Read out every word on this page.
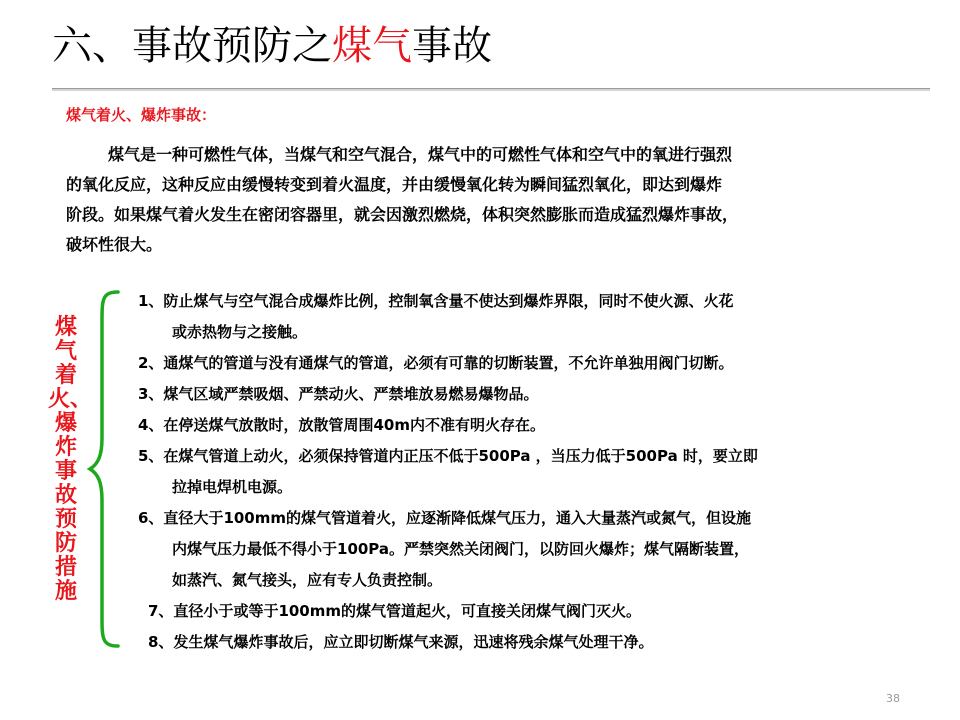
六、事故预防之煤气事故
煤气着火、爆炸事故：
煤气是一种可燃性气体，当煤气和空气混合，煤气中的可燃性气体和空气中的氧进行强烈
的氧化反应，这种反应由缓慢转变到着火温度，并由缓慢氧化转为瞬间猛烈氧化，即达到爆炸
阶段。如果煤气着火发生在密闭容器里，就会因激烈燃烧，体积突然膨胀而造成猛烈爆炸事故，
破坏性很大。
煤气着火、爆炸事故预防措施
1、防止煤气与空气混合成爆炸比例，控制氧含量不使达到爆炸界限，同时不使火源、火花
或赤热物与之接触。
2、通煤气的管道与没有通煤气的管道，必须有可靠的切断装置，不允许单独用阀门切断。
3、煤气区域严禁吸烟、严禁动火、严禁堆放易燃易爆物品。
4、在停送煤气放散时，放散管周围40m内不准有明火存在。
5、在煤气管道上动火，必须保持管道内正压不低于500Pa ，当压力低于500Pa 时，要立即
拉掉电焊机电源。
6、直径大于100mm的煤气管道着火，应逐渐降低煤气压力，通入大量蒸汽或氮气，但设施
内煤气压力最低不得小于100Pa。严禁突然关闭阀门，以防回火爆炸；煤气隔断装置，
如蒸汽、氮气接头，应有专人负责控制。
7、直径小于或等于100mm的煤气管道起火，可直接关闭煤气阀门灭火。
8、发生煤气爆炸事故后，应立即切断煤气来源，迅速将残余煤气处理干净。
38
